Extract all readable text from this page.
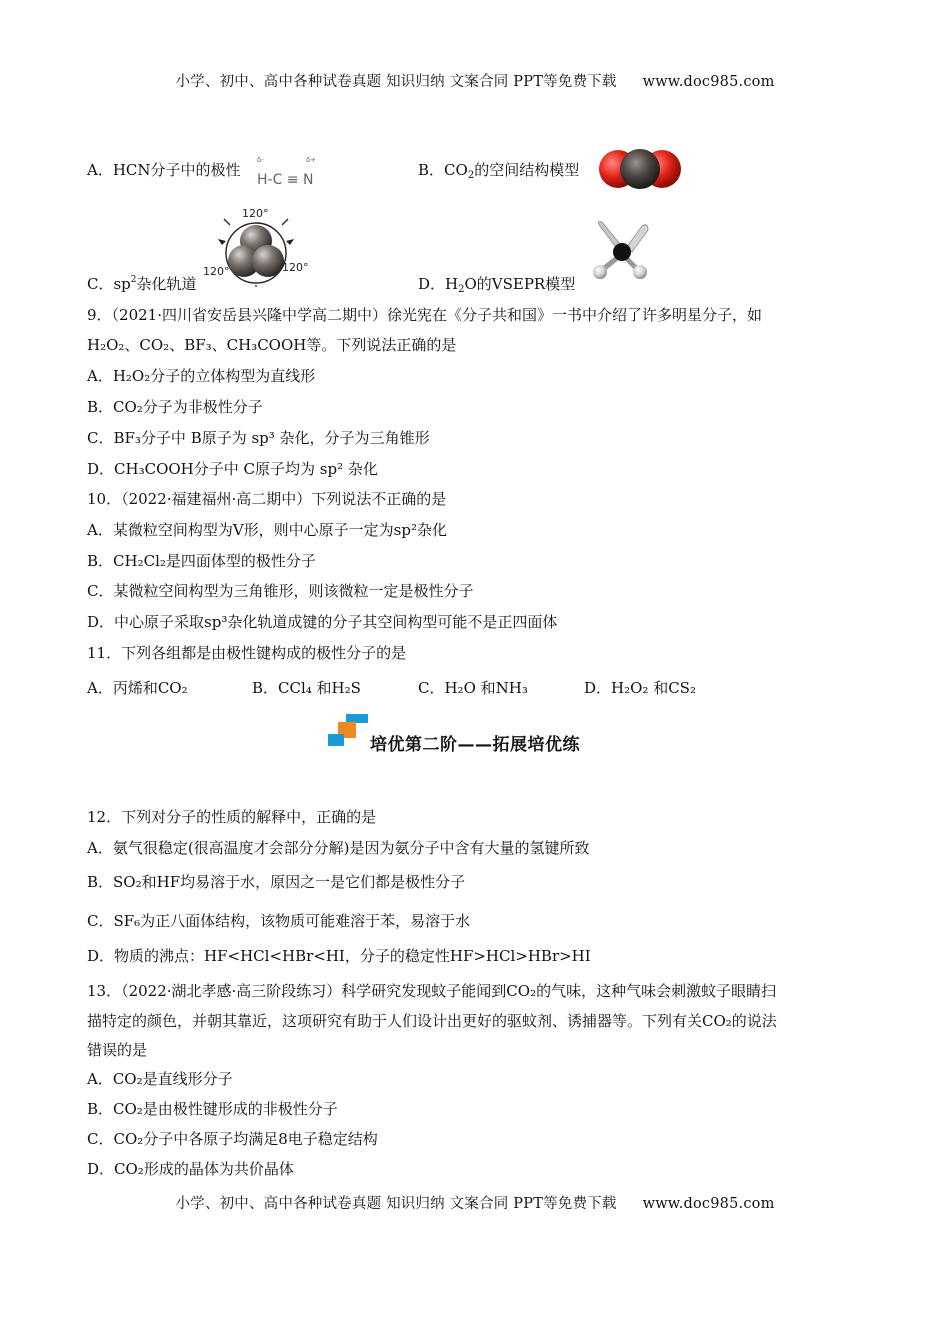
小学、初中、高中各种试卷真题 知识归纳 文案合同 PPT等免费下载 www.doc985.com
A．HCN分子中的极性
δ-	δ+
H-C ≡ N
B．$CO_2$的空间结构模型
120°
120°	120°
C．$sp^2$杂化轨道	D．$H_2O$的VSEPR模型
9．（2021·四川省安岳县兴隆中学高二期中）徐光宪在《分子共和国》一书中介绍了许多明星分子，如
H₂O₂、CO₂、BF₃、CH₃COOH等。下列说法正确的是
A．H₂O₂分子的立体构型为直线形
B．CO₂分子为非极性分子
C．BF₃分子中 B原子为 sp³ 杂化，分子为三角锥形
D．CH₃COOH分子中 C原子均为 sp² 杂化
10．（2022·福建福州·高二期中）下列说法不正确的是
A．某微粒空间构型为V形，则中心原子一定为sp²杂化
B．CH₂Cl₂是四面体型的极性分子
C．某微粒空间构型为三角锥形，则该微粒一定是极性分子
D．中心原子采取sp³杂化轨道成键的分子其空间构型可能不是正四面体
11．下列各组都是由极性键构成的极性分子的是
A．丙烯和CO₂	B．CCl₄ 和H₂S	C．H₂O 和NH₃	D．H₂O₂ 和CS₂
培优第二阶——拓展培优练
12．下列对分子的性质的解释中，正确的是
A．氨气很稳定(很高温度才会部分分解)是因为氨分子中含有大量的氢键所致
B．SO₂和HF均易溶于水，原因之一是它们都是极性分子
C．SF₆为正八面体结构，该物质可能难溶于苯，易溶于水
D．物质的沸点：HF<HCl<HBr<HI，分子的稳定性HF>HCl>HBr>HI
13．（2022·湖北孝感·高三阶段练习）科学研究发现蚊子能闻到CO₂的气味，这种气味会刺激蚊子眼睛扫
描特定的颜色，并朝其靠近，这项研究有助于人们设计出更好的驱蚊剂、诱捕器等。下列有关CO₂的说法
错误的是
A．CO₂是直线形分子
B．CO₂是由极性键形成的非极性分子
C．CO₂分子中各原子均满足8电子稳定结构
D．CO₂形成的晶体为共价晶体
小学、初中、高中各种试卷真题 知识归纳 文案合同 PPT等免费下载 www.doc985.com
